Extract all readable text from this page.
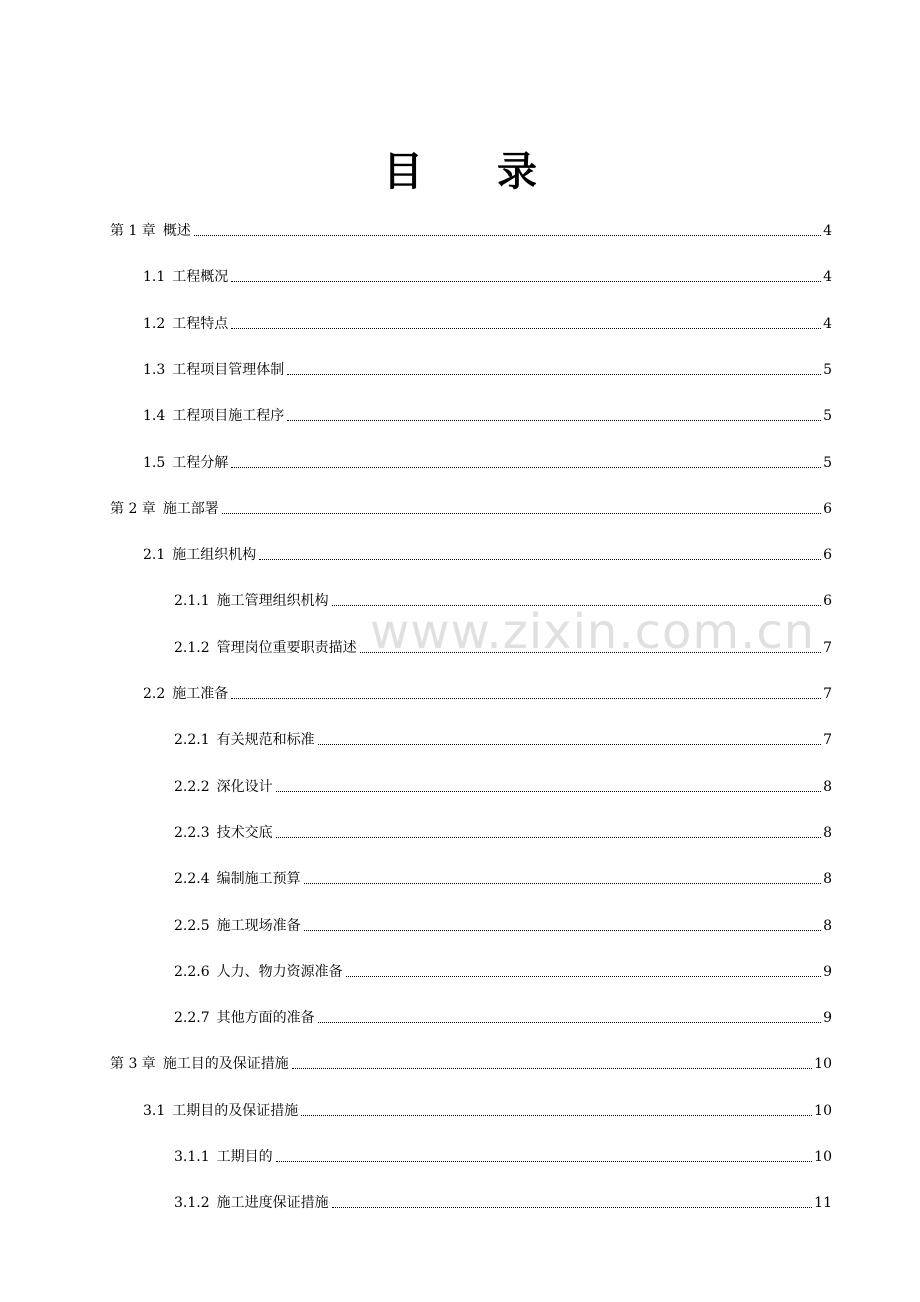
目 录
www.zixin.com.cn
第 1 章 概述	4
1.1 工程概况	4
1.2 工程特点	4
1.3 工程项目管理体制	5
1.4 工程项目施工程序	5
1.5 工程分解	5
第 2 章 施工部署	6
2.1 施工组织机构	6
2.1.1 施工管理组织机构	6
2.1.2 管理岗位重要职责描述	7
2.2 施工准备	7
2.2.1 有关规范和标准	7
2.2.2 深化设计	8
2.2.3 技术交底	8
2.2.4 编制施工预算	8
2.2.5 施工现场准备	8
2.2.6 人力、物力资源准备	9
2.2.7 其他方面的准备	9
第 3 章 施工目的及保证措施	10
3.1 工期目的及保证措施	10
3.1.1 工期目的	10
3.1.2 施工进度保证措施	11
